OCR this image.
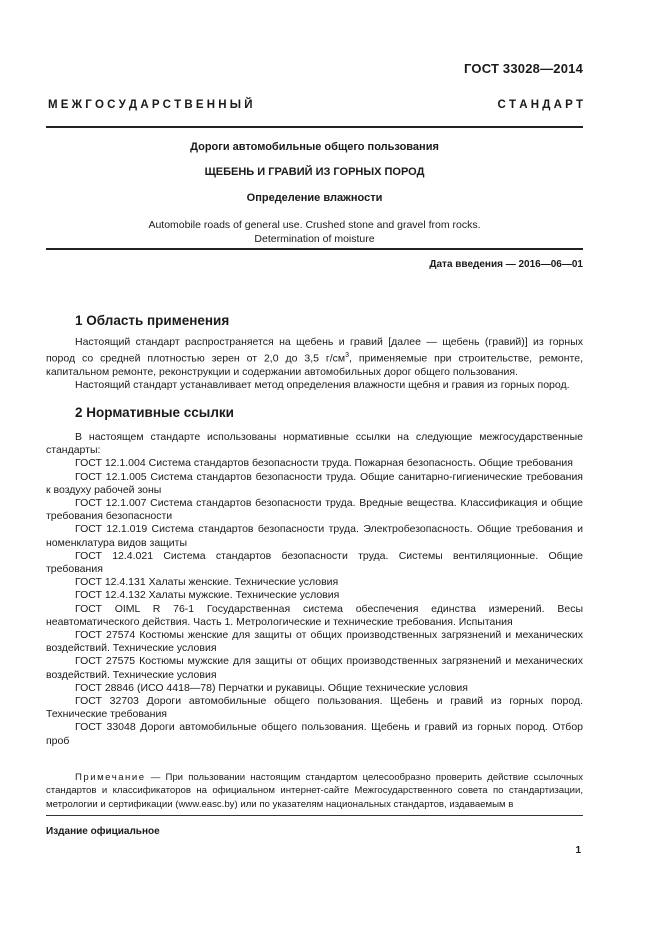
ГОСТ 33028—2014
М Е Ж Г О С У Д А Р С Т В Е Н Н Ы Й	С Т А Н Д А Р Т
Дороги автомобильные общего пользования
ЩЕБЕНЬ И ГРАВИЙ ИЗ ГОРНЫХ ПОРОД
Определение влажности
Automobile roads of general use. Crushed stone and gravel from rocks.
Determination of moisture
Дата введения — 2016—06—01
1 Область применения

Настоящий стандарт распространяется на щебень и гравий [далее — щебень (гравий)] из горных пород со средней плотностью зерен от 2,0 до 3,5 $г/см^3$, применяемые при строительстве, ремонте, капитальном ремонте, реконструкции и содержании автомобильных дорог общего пользования.

Настоящий стандарт устанавливает метод определения влажности щебня и гравия из горных пород.

2 Нормативные ссылки

В настоящем стандарте использованы нормативные ссылки на следующие межгосударственные стандарты:

ГОСТ 12.1.004 Система стандартов безопасности труда. Пожарная безопасность. Общие требования

ГОСТ 12.1.005 Система стандартов безопасности труда. Общие санитарно-гигиенические требования к воздуху рабочей зоны

ГОСТ 12.1.007 Система стандартов безопасности труда. Вредные вещества. Классификация и общие требования безопасности

ГОСТ 12.1.019 Система стандартов безопасности труда. Электробезопасность. Общие требования и номенклатура видов защиты

ГОСТ 12.4.021 Система стандартов безопасности труда. Системы вентиляционные. Общие требования

ГОСТ 12.4.131 Халаты женские. Технические условия

ГОСТ 12.4.132 Халаты мужские. Технические условия

ГОСТ OIML R 76-1 Государственная система обеспечения единства измерений. Весы неавтоматического действия. Часть 1. Метрологические и технические требования. Испытания

ГОСТ 27574 Костюмы женские для защиты от общих производственных загрязнений и механических воздействий. Технические условия

ГОСТ 27575 Костюмы мужские для защиты от общих производственных загрязнений и механических воздействий. Технические условия

ГОСТ 28846 (ИСО 4418—78) Перчатки и рукавицы. Общие технические условия

ГОСТ 32703 Дороги автомобильные общего пользования. Щебень и гравий из горных пород. Технические требования

ГОСТ 33048 Дороги автомобильные общего пользования. Щебень и гравий из горных пород. Отбор проб

Примечание — При пользовании настоящим стандартом целесообразно проверить действие ссылочных стандартов и классификаторов на официальном интернет-сайте Межгосударственного совета по стандартизации, метрологии и сертификации (www.easc.by) или по указателям национальных стандартов, издаваемым в

Издание официальное
1
